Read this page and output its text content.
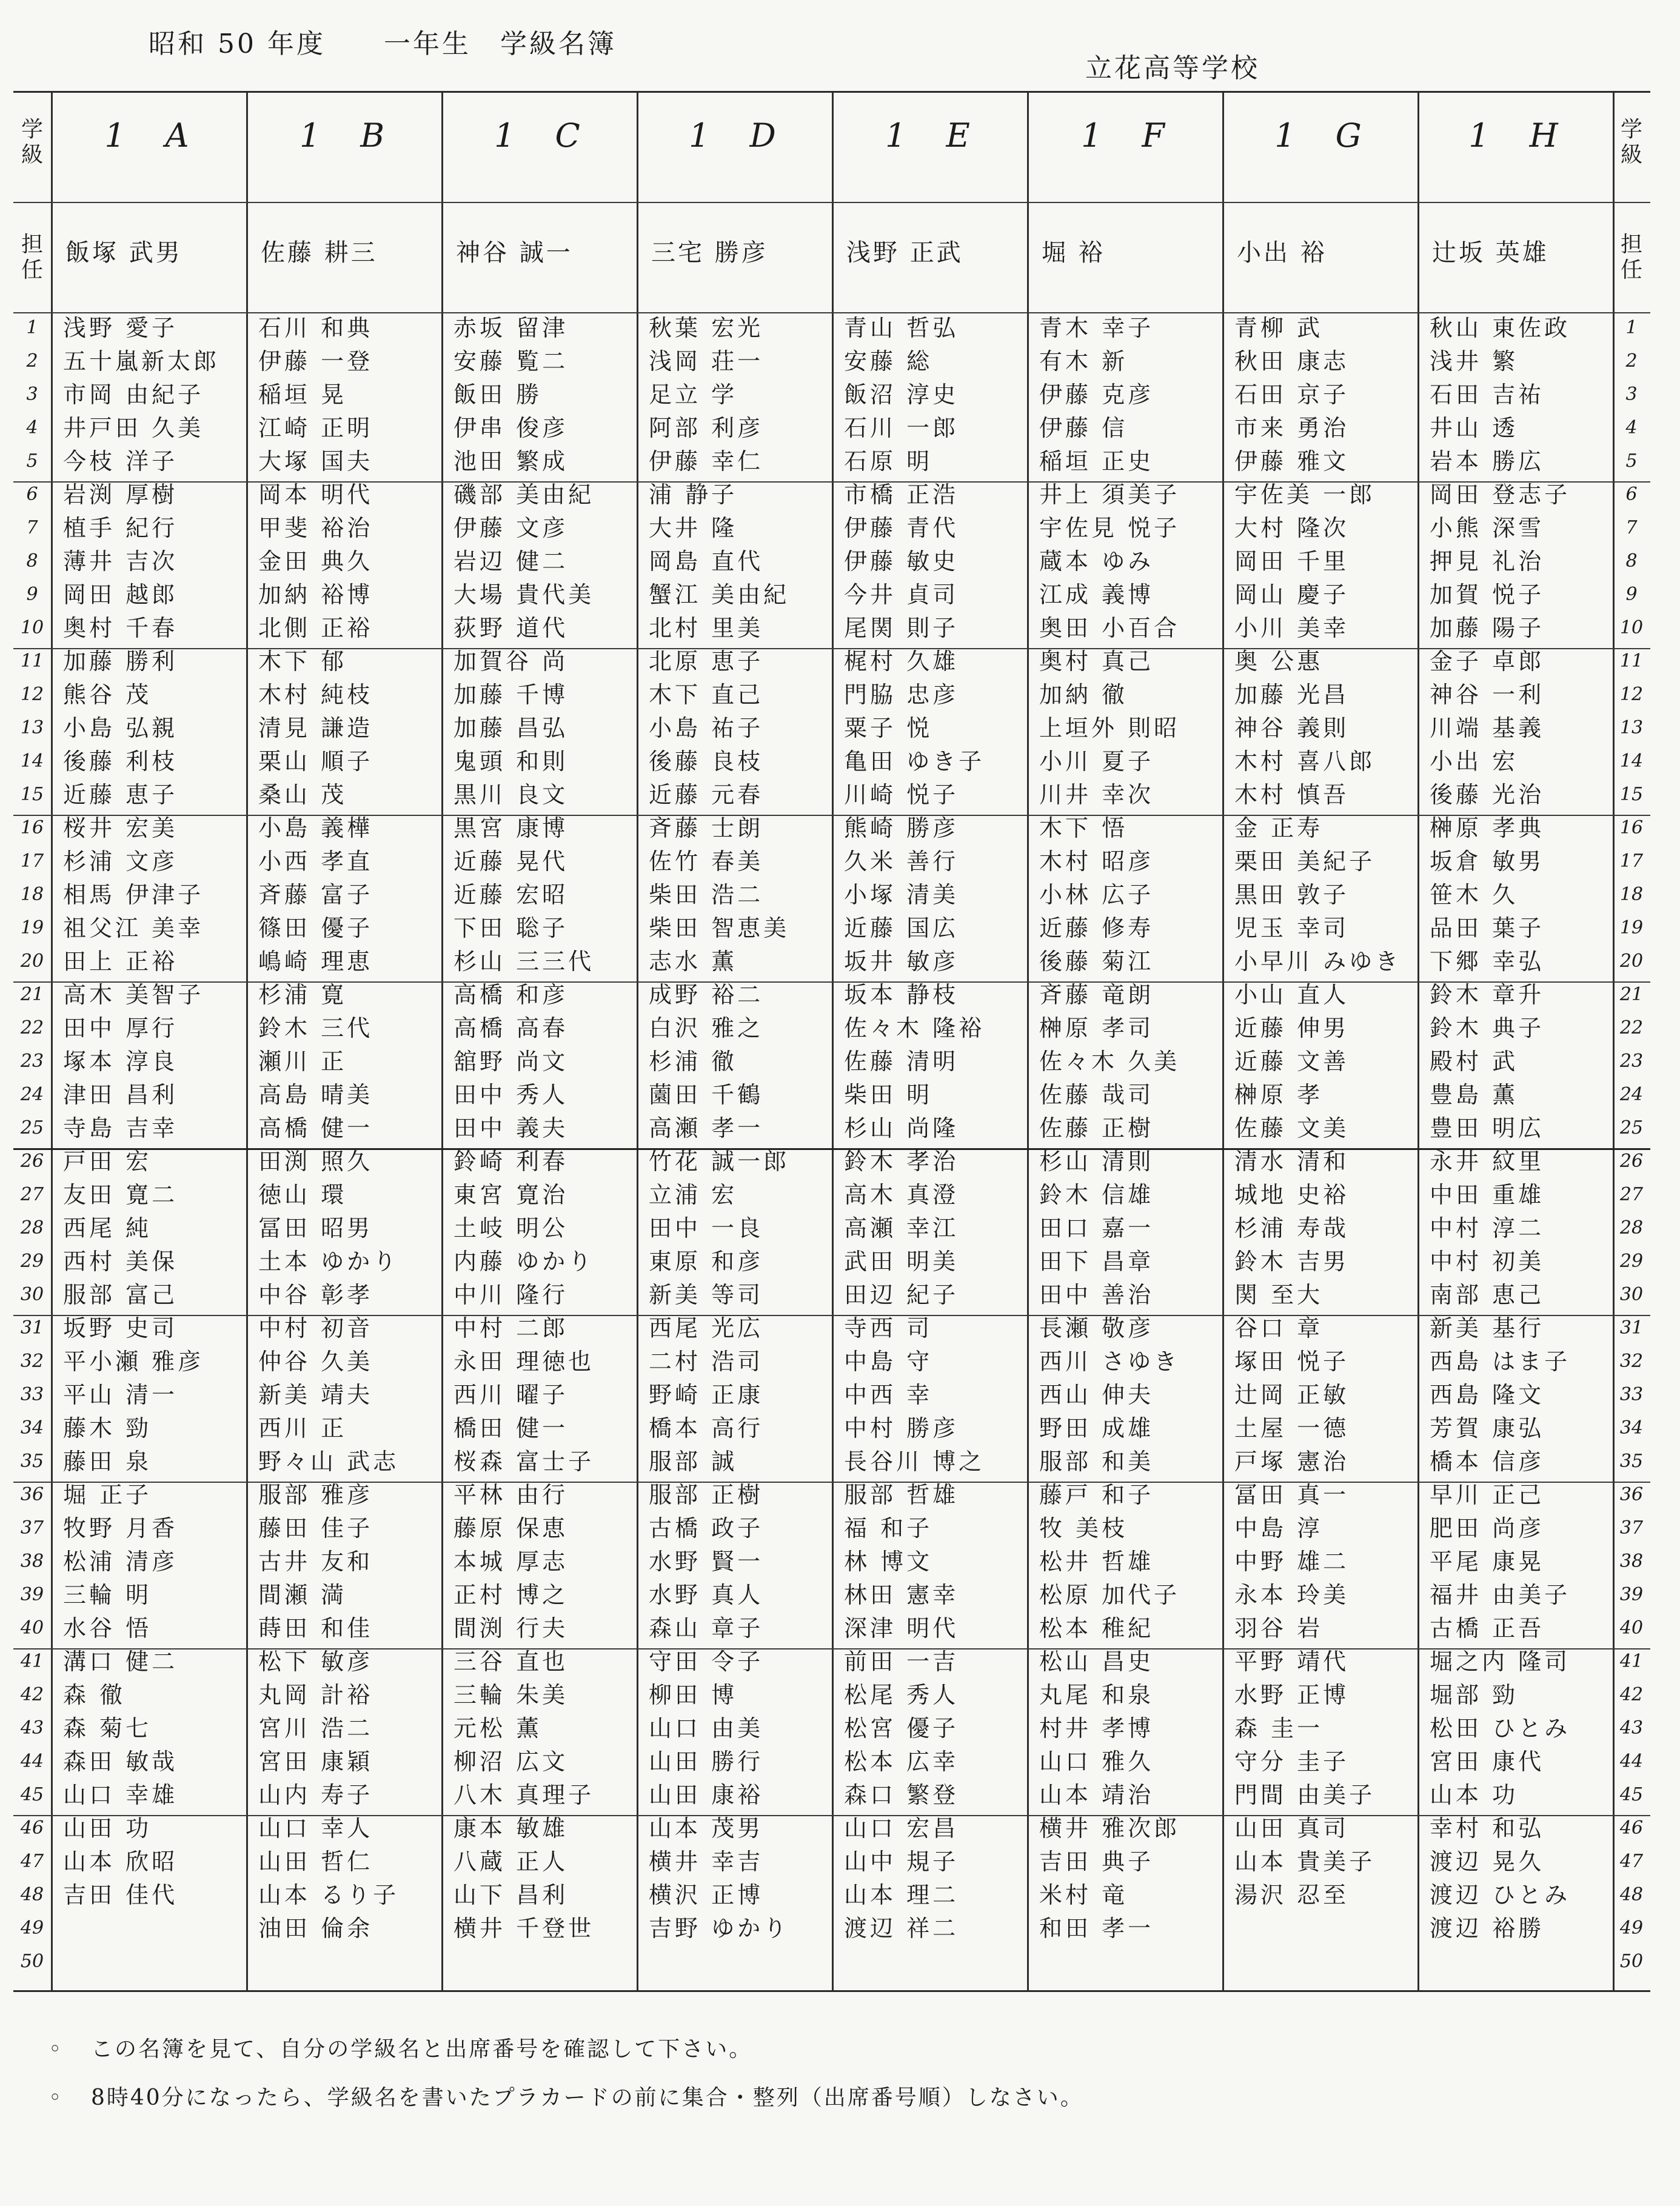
昭和 50 年度　　一年生　学級名簿
立花高等学校
学級
担任
1
2
3
4
5
6
7
8
9
10
11
12
13
14
15
16
17
18
19
20
21
22
23
24
25
26
27
28
29
30
31
32
33
34
35
36
37
38
39
40
41
42
43
44
45
46
47
48
49
50
学級
担任
1
2
3
4
5
6
7
8
9
10
11
12
13
14
15
16
17
18
19
20
21
22
23
24
25
26
27
28
29
30
31
32
33
34
35
36
37
38
39
40
41
42
43
44
45
46
47
48
49
50
1　A
飯塚 武男
浅野 愛子
五十嵐新太郎
市岡 由紀子
井戸田 久美
今枝 洋子
岩渕 厚樹
植手 紀行
薄井 吉次
岡田 越郎
奥村 千春
加藤 勝利
熊谷 茂
小島 弘親
後藤 利枝
近藤 恵子
桜井 宏美
杉浦 文彦
相馬 伊津子
祖父江 美幸
田上 正裕
高木 美智子
田中 厚行
塚本 淳良
津田 昌利
寺島 吉幸
戸田 宏
友田 寛二
西尾 純
西村 美保
服部 富己
坂野 史司
平小瀬 雅彦
平山 清一
藤木 勁
藤田 泉
堀 正子
牧野 月香
松浦 清彦
三輪 明
水谷 悟
溝口 健二
森 徹
森 菊七
森田 敏哉
山口 幸雄
山田 功
山本 欣昭
吉田 佳代
1　B
佐藤 耕三
石川 和典
伊藤 一登
稲垣 晃
江崎 正明
大塚 国夫
岡本 明代
甲斐 裕治
金田 典久
加納 裕博
北側 正裕
木下 郁
木村 純枝
清見 謙造
栗山 順子
桑山 茂
小島 義樺
小西 孝直
斉藤 富子
篠田 優子
嶋崎 理恵
杉浦 寛
鈴木 三代
瀬川 正
高島 晴美
高橋 健一
田渕 照久
徳山 環
冨田 昭男
土本 ゆかり
中谷 彰孝
中村 初音
仲谷 久美
新美 靖夫
西川 正
野々山 武志
服部 雅彦
藤田 佳子
古井 友和
間瀬 満
蒔田 和佳
松下 敏彦
丸岡 計裕
宮川 浩二
宮田 康穎
山内 寿子
山口 幸人
山田 哲仁
山本 るり子
油田 倫余
1　C
神谷 誠一
赤坂 留津
安藤 覧二
飯田 勝
伊串 俊彦
池田 繁成
磯部 美由紀
伊藤 文彦
岩辺 健二
大場 貴代美
荻野 道代
加賀谷 尚
加藤 千博
加藤 昌弘
鬼頭 和則
黒川 良文
黒宮 康博
近藤 晃代
近藤 宏昭
下田 聡子
杉山 三三代
高橋 和彦
高橋 高春
舘野 尚文
田中 秀人
田中 義夫
鈴崎 利春
東宮 寛治
土岐 明公
内藤 ゆかり
中川 隆行
中村 二郎
永田 理徳也
西川 曜子
橋田 健一
桜森 富士子
平林 由行
藤原 保恵
本城 厚志
正村 博之
間渕 行夫
三谷 直也
三輪 朱美
元松 薫
柳沼 広文
八木 真理子
康本 敏雄
八蔵 正人
山下 昌利
横井 千登世
1　D
三宅 勝彦
秋葉 宏光
浅岡 荘一
足立 学
阿部 利彦
伊藤 幸仁
浦 静子
大井 隆
岡島 直代
蟹江 美由紀
北村 里美
北原 恵子
木下 直己
小島 祐子
後藤 良枝
近藤 元春
斉藤 士朗
佐竹 春美
柴田 浩二
柴田 智恵美
志水 薫
成野 裕二
白沢 雅之
杉浦 徹
薗田 千鶴
高瀬 孝一
竹花 誠一郎
立浦 宏
田中 一良
東原 和彦
新美 等司
西尾 光広
二村 浩司
野崎 正康
橋本 高行
服部 誠
服部 正樹
古橋 政子
水野 賢一
水野 真人
森山 章子
守田 令子
柳田 博
山口 由美
山田 勝行
山田 康裕
山本 茂男
横井 幸吉
横沢 正博
吉野 ゆかり
1　E
浅野 正武
青山 哲弘
安藤 総
飯沼 淳史
石川 一郎
石原 明
市橋 正浩
伊藤 青代
伊藤 敏史
今井 貞司
尾関 則子
梶村 久雄
門脇 忠彦
粟子 悦
亀田 ゆき子
川崎 悦子
熊崎 勝彦
久米 善行
小塚 清美
近藤 国広
坂井 敏彦
坂本 静枝
佐々木 隆裕
佐藤 清明
柴田 明
杉山 尚隆
鈴木 孝治
高木 真澄
高瀬 幸江
武田 明美
田辺 紀子
寺西 司
中島 守
中西 幸
中村 勝彦
長谷川 博之
服部 哲雄
福 和子
林 博文
林田 憲幸
深津 明代
前田 一吉
松尾 秀人
松宮 優子
松本 広幸
森口 繁登
山口 宏昌
山中 規子
山本 理二
渡辺 祥二
1　F
堀 裕
青木 幸子
有木 新
伊藤 克彦
伊藤 信
稲垣 正史
井上 須美子
宇佐見 悦子
蔵本 ゆみ
江成 義博
奥田 小百合
奥村 真己
加納 徹
上垣外 則昭
小川 夏子
川井 幸次
木下 悟
木村 昭彦
小林 広子
近藤 修寿
後藤 菊江
斉藤 竜朗
榊原 孝司
佐々木 久美
佐藤 哉司
佐藤 正樹
杉山 清則
鈴木 信雄
田口 嘉一
田下 昌章
田中 善治
長瀬 敬彦
西川 さゆき
西山 伸夫
野田 成雄
服部 和美
藤戸 和子
牧 美枝
松井 哲雄
松原 加代子
松本 稚紀
松山 昌史
丸尾 和泉
村井 孝博
山口 雅久
山本 靖治
横井 雅次郎
吉田 典子
米村 竜
和田 孝一
1　G
小出 裕
青柳 武
秋田 康志
石田 京子
市来 勇治
伊藤 雅文
宇佐美 一郎
大村 隆次
岡田 千里
岡山 慶子
小川 美幸
奥 公惠
加藤 光昌
神谷 義則
木村 喜八郎
木村 慎吾
金 正寿
栗田 美紀子
黒田 敦子
児玉 幸司
小早川 みゆき
小山 直人
近藤 伸男
近藤 文善
榊原 孝
佐藤 文美
清水 清和
城地 史裕
杉浦 寿哉
鈴木 吉男
関 至大
谷口 章
塚田 悦子
辻岡 正敏
土屋 一德
戸塚 憲治
冨田 真一
中島 淳
中野 雄二
永本 玲美
羽谷 岩
平野 靖代
水野 正博
森 圭一
守分 圭子
門間 由美子
山田 真司
山本 貴美子
湯沢 忍至
1　H
辻坂 英雄
秋山 東佐政
浅井 繁
石田 吉祐
井山 透
岩本 勝広
岡田 登志子
小熊 深雪
押見 礼治
加賀 悦子
加藤 陽子
金子 卓郎
神谷 一利
川端 基義
小出 宏
後藤 光治
榊原 孝典
坂倉 敏男
笹木 久
品田 葉子
下郷 幸弘
鈴木 章升
鈴木 典子
殿村 武
豊島 薫
豊田 明広
永井 紋里
中田 重雄
中村 淳二
中村 初美
南部 恵己
新美 基行
西島 はま子
西島 隆文
芳賀 康弘
橋本 信彦
早川 正己
肥田 尚彦
平尾 康晃
福井 由美子
古橋 正吾
堀之内 隆司
堀部 勁
松田 ひとみ
宮田 康代
山本 功
幸村 和弘
渡辺 晃久
渡辺 ひとみ
渡辺 裕勝
◦ この名簿を見て、自分の学級名と出席番号を確認して下さい。
◦ 8時40分になったら、学級名を書いたプラカードの前に集合・整列（出席番号順）しなさい。
